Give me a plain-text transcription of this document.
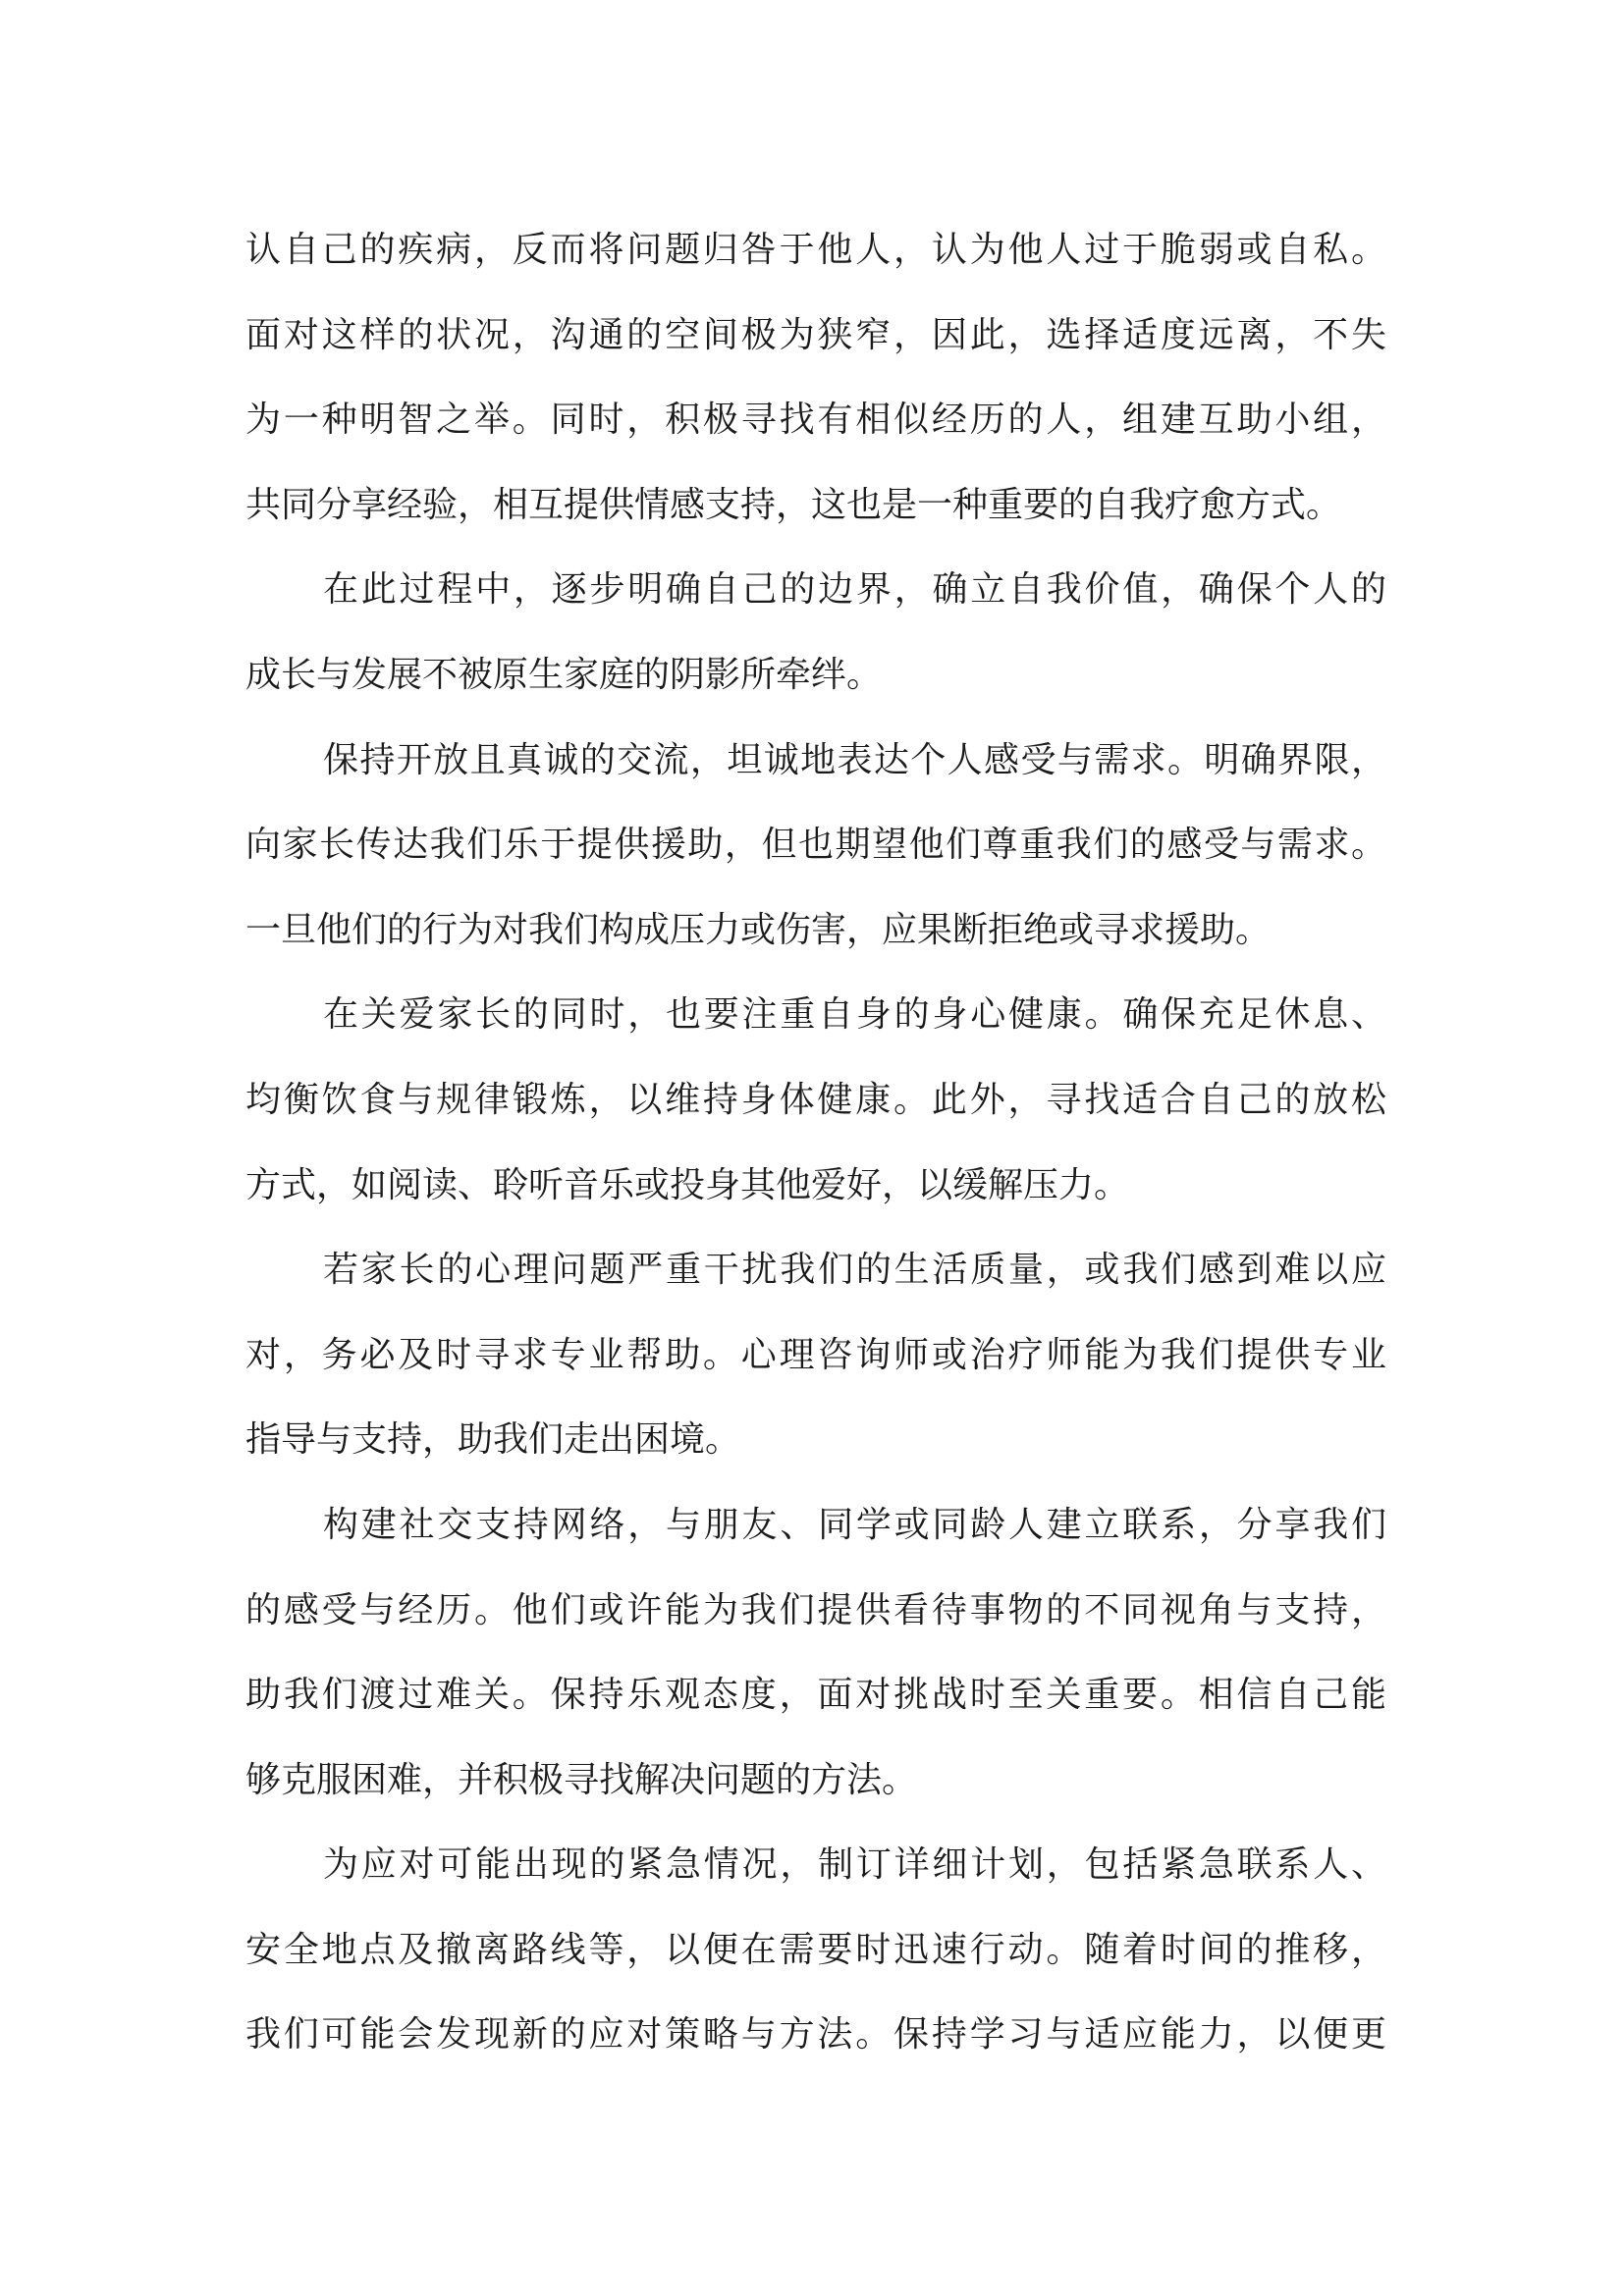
认自己的疾病，反而将问题归咎于他人，认为他人过于脆弱或自私。
面对这样的状况，沟通的空间极为狭窄，因此，选择适度远离，不失
为一种明智之举。同时，积极寻找有相似经历的人，组建互助小组，
共同分享经验，相互提供情感支持，这也是一种重要的自我疗愈方式。
在此过程中，逐步明确自己的边界，确立自我价值，确保个人的
成长与发展不被原生家庭的阴影所牵绊。
保持开放且真诚的交流，坦诚地表达个人感受与需求。明确界限，
向家长传达我们乐于提供援助，但也期望他们尊重我们的感受与需求。
一旦他们的行为对我们构成压力或伤害，应果断拒绝或寻求援助。
在关爱家长的同时，也要注重自身的身心健康。确保充足休息、
均衡饮食与规律锻炼，以维持身体健康。此外，寻找适合自己的放松
方式，如阅读、聆听音乐或投身其他爱好，以缓解压力。
若家长的心理问题严重干扰我们的生活质量，或我们感到难以应
对，务必及时寻求专业帮助。心理咨询师或治疗师能为我们提供专业
指导与支持，助我们走出困境。
构建社交支持网络，与朋友、同学或同龄人建立联系，分享我们
的感受与经历。他们或许能为我们提供看待事物的不同视角与支持，
助我们渡过难关。保持乐观态度，面对挑战时至关重要。相信自己能
够克服困难，并积极寻找解决问题的方法。
为应对可能出现的紧急情况，制订详细计划，包括紧急联系人、
安全地点及撤离路线等，以便在需要时迅速行动。随着时间的推移，
我们可能会发现新的应对策略与方法。保持学习与适应能力，以便更
